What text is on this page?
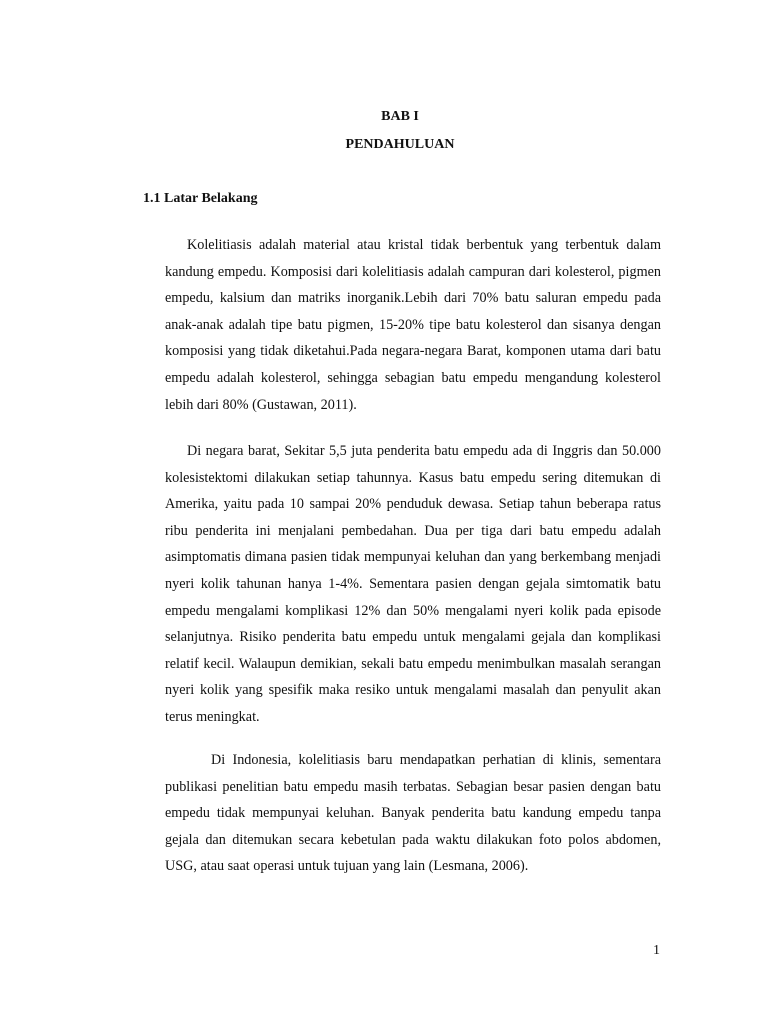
BAB I
PENDAHULUAN
1.1 Latar Belakang

Kolelitiasis adalah material atau kristal tidak berbentuk yang terbentuk dalam kandung empedu. Komposisi dari kolelitiasis adalah campuran dari kolesterol, pigmen empedu, kalsium dan matriks inorganik.Lebih dari 70% batu saluran empedu pada anak-anak adalah tipe batu pigmen, 15-20% tipe batu kolesterol dan sisanya dengan komposisi yang tidak diketahui.Pada negara-negara Barat, komponen utama dari batu empedu adalah kolesterol, sehingga sebagian batu empedu mengandung kolesterol lebih dari 80% (Gustawan, 2011).

Di negara barat, Sekitar 5,5 juta penderita batu empedu ada di Inggris dan 50.000 kolesistektomi dilakukan setiap tahunnya. Kasus batu empedu sering ditemukan di Amerika, yaitu pada 10 sampai 20% penduduk dewasa. Setiap tahun beberapa ratus ribu penderita ini menjalani pembedahan. Dua per tiga dari batu empedu adalah asimptomatis dimana pasien tidak mempunyai keluhan dan yang berkembang menjadi nyeri kolik tahunan hanya 1-4%. Sementara pasien dengan gejala simtomatik batu empedu mengalami komplikasi 12% dan 50% mengalami nyeri kolik pada episode selanjutnya. Risiko penderita batu empedu untuk mengalami gejala dan komplikasi relatif kecil. Walaupun demikian, sekali batu empedu menimbulkan masalah serangan nyeri kolik yang spesifik maka resiko untuk mengalami masalah dan penyulit akan terus meningkat.

Di Indonesia, kolelitiasis baru mendapatkan perhatian di klinis, sementara publikasi penelitian batu empedu masih terbatas. Sebagian besar pasien dengan batu empedu tidak mempunyai keluhan. Banyak penderita batu kandung empedu tanpa gejala dan ditemukan secara kebetulan pada waktu dilakukan foto polos abdomen, USG, atau saat operasi untuk tujuan yang lain (Lesmana, 2006).

1
